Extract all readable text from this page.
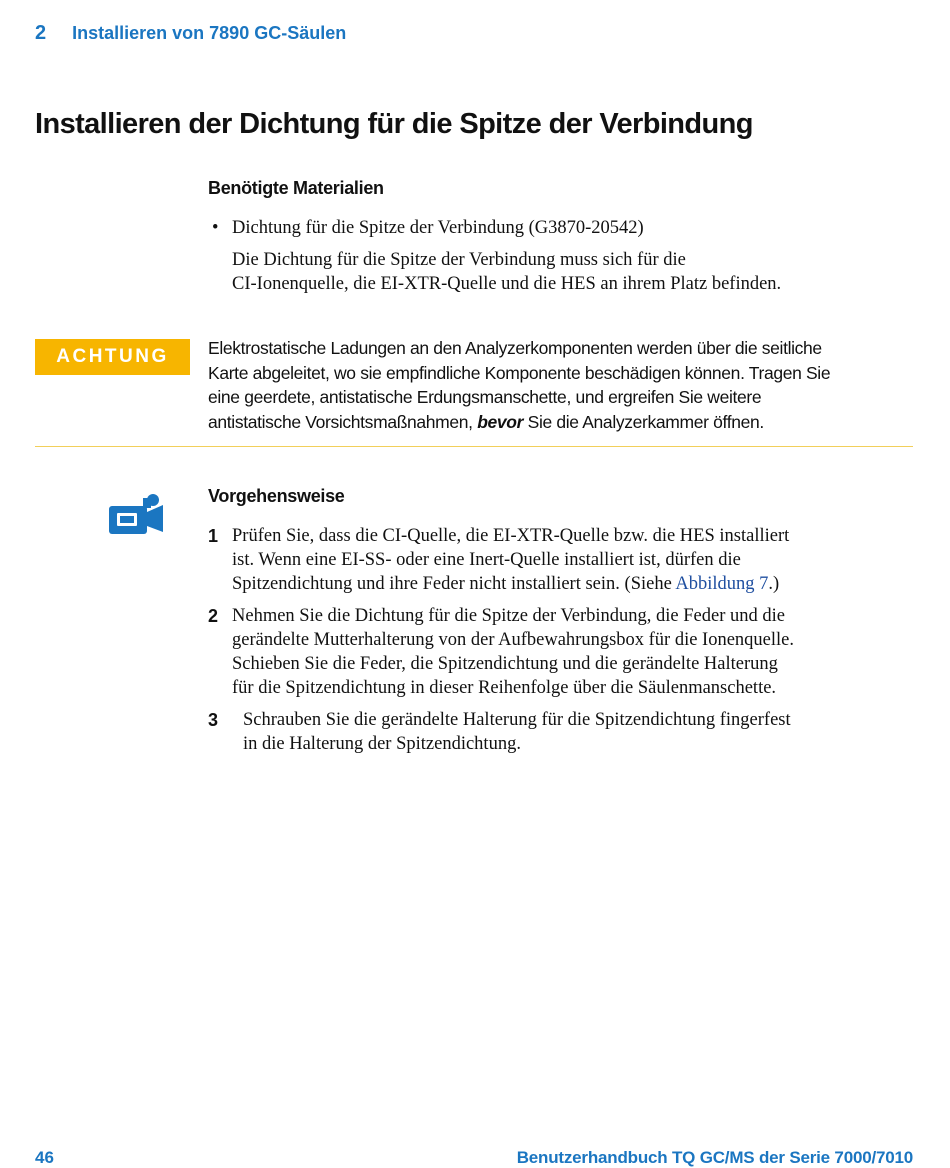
2 Installieren von 7890 GC-Säulen
Installieren der Dichtung für die Spitze der Verbindung
Benötigte Materialien
• Dichtung für die Spitze der Verbindung (G3870-20542)
Die Dichtung für die Spitze der Verbindung muss sich für die
CI-Ionenquelle, die EI-XTR-Quelle und die HES an ihrem Platz befinden.
ACHTUNG	Elektrostatische Ladungen an den Analyzerkomponenten werden über die seitliche
Karte abgeleitet, wo sie empfindliche Komponente beschädigen können. Tragen Sie
eine geerdete, antistatische Erdungsmanschette, und ergreifen Sie weitere
antistatische Vorsichtsmaßnahmen, bevor Sie die Analyzerkammer öffnen.
Vorgehensweise
1 Prüfen Sie, dass die CI-Quelle, die EI-XTR-Quelle bzw. die HES installiert
ist. Wenn eine EI-SS- oder eine Inert-Quelle installiert ist, dürfen die
Spitzendichtung und ihre Feder nicht installiert sein. (Siehe Abbildung 7.)
2 Nehmen Sie die Dichtung für die Spitze der Verbindung, die Feder und die
gerändelte Mutterhalterung von der Aufbewahrungsbox für die Ionenquelle.
Schieben Sie die Feder, die Spitzendichtung und die gerändelte Halterung
für die Spitzendichtung in dieser Reihenfolge über die Säulenmanschette.
3 Schrauben Sie die gerändelte Halterung für die Spitzendichtung fingerfest
in die Halterung der Spitzendichtung.
46	Benutzerhandbuch TQ GC/MS der Serie 7000/7010
